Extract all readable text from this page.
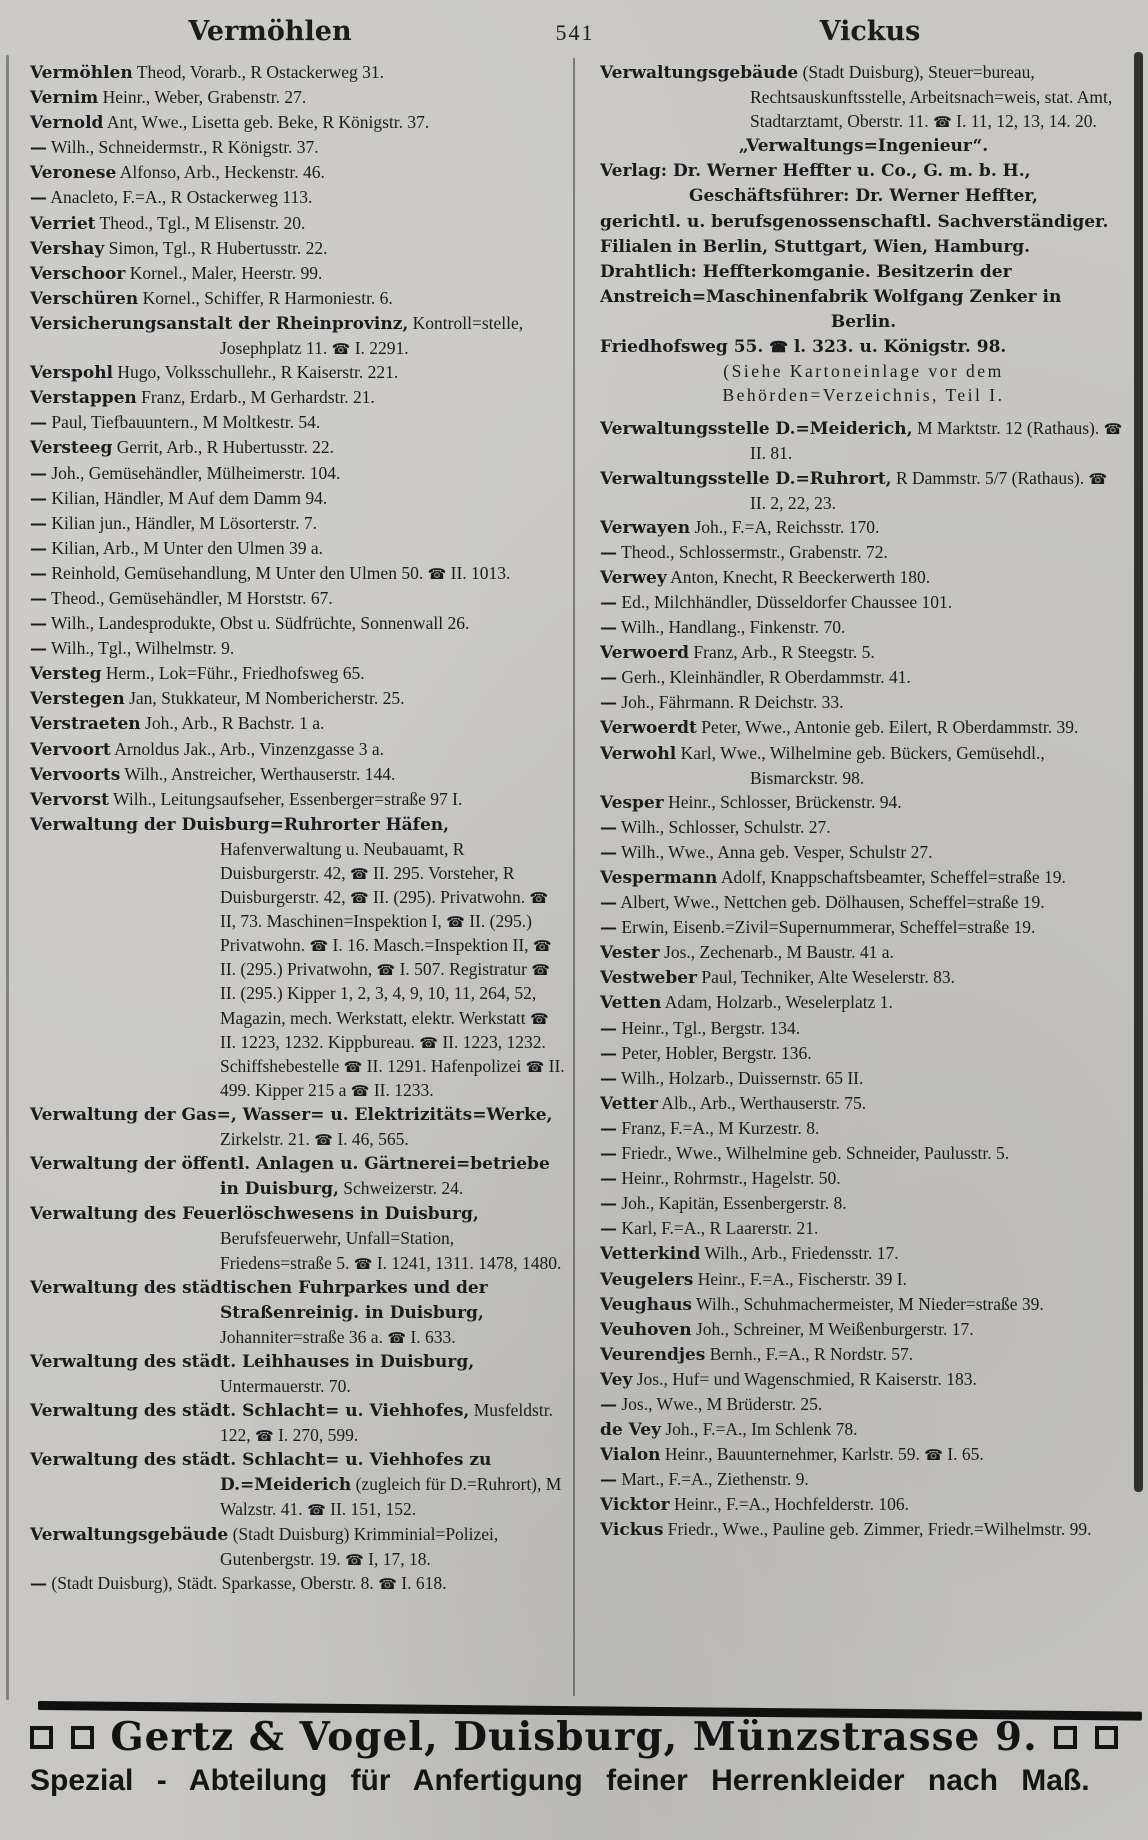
Vermöhlen	541	Vickus
Vermöhlen Theod, Vorarb., R Ostackerweg 31.
Vernim Heinr., Weber, Grabenstr. 27.
Vernold Ant, Wwe., Lisetta geb. Beke, R Königstr. 37.
— Wilh., Schneidermstr., R Königstr. 37.
Veronese Alfonso, Arb., Heckenstr. 46.
— Anacleto, F.=A., R Ostackerweg 113.
Verriet Theod., Tgl., M Elisenstr. 20.
Vershay Simon, Tgl., R Hubertusstr. 22.
Verschoor Kornel., Maler, Heerstr. 99.
Verschüren Kornel., Schiffer, R Harmoniestr. 6.
Versicherungsanstalt der Rheinprovinz, Kontroll=stelle, Josephplatz 11. ☎ I. 2291.
Verspohl Hugo, Volksschullehr., R Kaiserstr. 221.
Verstappen Franz, Erdarb., M Gerhardstr. 21.
— Paul, Tiefbauuntern., M Moltkestr. 54.
Versteeg Gerrit, Arb., R Hubertusstr. 22.
— Joh., Gemüsehändler, Mülheimerstr. 104.
— Kilian, Händler, M Auf dem Damm 94.
— Kilian jun., Händler, M Lösorterstr. 7.
— Kilian, Arb., M Unter den Ulmen 39 a.
— Reinhold, Gemüsehandlung, M Unter den Ulmen 50. ☎ II. 1013.
— Theod., Gemüsehändler, M Horststr. 67.
— Wilh., Landesprodukte, Obst u. Südfrüchte, Sonnenwall 26.
— Wilh., Tgl., Wilhelmstr. 9.
Versteg Herm., Lok=Führ., Friedhofsweg 65.
Verstegen Jan, Stukkateur, M Nombericherstr. 25.
Verstraeten Joh., Arb., R Bachstr. 1 a.
Vervoort Arnoldus Jak., Arb., Vinzenzgasse 3 a.
Vervoorts Wilh., Anstreicher, Werthauserstr. 144.
Vervorst Wilh., Leitungsaufseher, Essenberger=straße 97 I.
Verwaltung der Duisburg=Ruhrorter Häfen, Hafenverwaltung u. Neubauamt, R Duisburgerstr. 42, ☎ II. 295. Vorsteher, R Duisburgerstr. 42, ☎ II. (295). Privatwohn. ☎ II, 73. Maschinen=Inspektion I, ☎ II. (295.) Privatwohn. ☎ I. 16. Masch.=Inspektion II, ☎ II. (295.) Privatwohn, ☎ I. 507. Registratur ☎ II. (295.) Kipper 1, 2, 3, 4, 9, 10, 11, 264, 52, Magazin, mech. Werkstatt, elektr. Werkstatt ☎ II. 1223, 1232. Kippbureau. ☎ II. 1223, 1232. Schiffshebestelle ☎ II. 1291. Hafenpolizei ☎ II. 499. Kipper 215 a ☎ II. 1233.
Verwaltung der Gas=, Wasser= u. Elektrizitäts=Werke, Zirkelstr. 21. ☎ I. 46, 565.
Verwaltung der öffentl. Anlagen u. Gärtnerei=betriebe in Duisburg, Schweizerstr. 24.
Verwaltung des Feuerlöschwesens in Duisburg, Berufsfeuerwehr, Unfall=Station, Friedens=straße 5. ☎ I. 1241, 1311. 1478, 1480.
Verwaltung des städtischen Fuhrparkes und der Straßenreinig. in Duisburg, Johanniter=straße 36 a. ☎ I. 633.
Verwaltung des städt. Leihhauses in Duisburg, Untermauerstr. 70.
Verwaltung des städt. Schlacht= u. Viehhofes, Musfeldstr. 122, ☎ I. 270, 599.
Verwaltung des städt. Schlacht= u. Viehhofes zu D.=Meiderich (zugleich für D.=Ruhrort), M Walzstr. 41. ☎ II. 151, 152.
Verwaltungsgebäude (Stadt Duisburg) Krimminial=Polizei, Gutenbergstr. 19. ☎ I, 17, 18.
— (Stadt Duisburg), Städt. Sparkasse, Oberstr. 8. ☎ I. 618.
Verwaltungsgebäude (Stadt Duisburg), Steuer=bureau, Rechtsauskunftsstelle, Arbeitsnach=weis, stat. Amt, Stadtarztamt, Oberstr. 11. ☎ I. 11, 12, 13, 14. 20.
„Verwaltungs=Ingenieur“.
Verlag: Dr. Werner Heffter u. Co., G. m. b. H.,
Geschäftsführer: Dr. Werner Heffter,
gerichtl. u. berufsgenossenschaftl. Sachverständiger.
Filialen in Berlin, Stuttgart, Wien, Hamburg.
Drahtlich: Heffterkomganie. Besitzerin der
Anstreich=Maschinenfabrik Wolfgang Zenker in
Berlin.
Friedhofsweg 55. ☎ l. 323. u. Königstr. 98.
(Siehe Kartoneinlage vor dem
Behörden=Verzeichnis, Teil I.
Verwaltungsstelle D.=Meiderich, M Marktstr. 12 (Rathaus). ☎ II. 81.
Verwaltungsstelle D.=Ruhrort, R Dammstr. 5/7 (Rathaus). ☎ II. 2, 22, 23.
Verwayen Joh., F.=A, Reichsstr. 170.
— Theod., Schlossermstr., Grabenstr. 72.
Verwey Anton, Knecht, R Beeckerwerth 180.
— Ed., Milchhändler, Düsseldorfer Chaussee 101.
— Wilh., Handlang., Finkenstr. 70.
Verwoerd Franz, Arb., R Steegstr. 5.
— Gerh., Kleinhändler, R Oberdammstr. 41.
— Joh., Fährmann. R Deichstr. 33.
Verwoerdt Peter, Wwe., Antonie geb. Eilert, R Oberdammstr. 39.
Verwohl Karl, Wwe., Wilhelmine geb. Bückers, Gemüsehdl., Bismarckstr. 98.
Vesper Heinr., Schlosser, Brückenstr. 94.
— Wilh., Schlosser, Schulstr. 27.
— Wilh., Wwe., Anna geb. Vesper, Schulstr 27.
Vespermann Adolf, Knappschaftsbeamter, Scheffel=straße 19.
— Albert, Wwe., Nettchen geb. Dölhausen, Scheffel=straße 19.
— Erwin, Eisenb.=Zivil=Supernummerar, Scheffel=straße 19.
Vester Jos., Zechenarb., M Baustr. 41 a.
Vestweber Paul, Techniker, Alte Weselerstr. 83.
Vetten Adam, Holzarb., Weselerplatz 1.
— Heinr., Tgl., Bergstr. 134.
— Peter, Hobler, Bergstr. 136.
— Wilh., Holzarb., Duissernstr. 65 II.
Vetter Alb., Arb., Werthauserstr. 75.
— Franz, F.=A., M Kurzestr. 8.
— Friedr., Wwe., Wilhelmine geb. Schneider, Paulusstr. 5.
— Heinr., Rohrmstr., Hagelstr. 50.
— Joh., Kapitän, Essenbergerstr. 8.
— Karl, F.=A., R Laarerstr. 21.
Vetterkind Wilh., Arb., Friedensstr. 17.
Veugelers Heinr., F.=A., Fischerstr. 39 I.
Veughaus Wilh., Schuhmachermeister, M Nieder=straße 39.
Veuhoven Joh., Schreiner, M Weißenburgerstr. 17.
Veurendjes Bernh., F.=A., R Nordstr. 57.
Vey Jos., Huf= und Wagenschmied, R Kaiserstr. 183.
— Jos., Wwe., M Brüderstr. 25.
de Vey Joh., F.=A., Im Schlenk 78.
Vialon Heinr., Bauunternehmer, Karlstr. 59. ☎ I. 65.
— Mart., F.=A., Ziethenstr. 9.
Vicktor Heinr., F.=A., Hochfelderstr. 106.
Vickus Friedr., Wwe., Pauline geb. Zimmer, Friedr.=Wilhelmstr. 99.
Gertz & Vogel, Duisburg, Münzstrasse 9.
Spezial - Abteilung für Anfertigung feiner Herrenkleider nach Maß.
